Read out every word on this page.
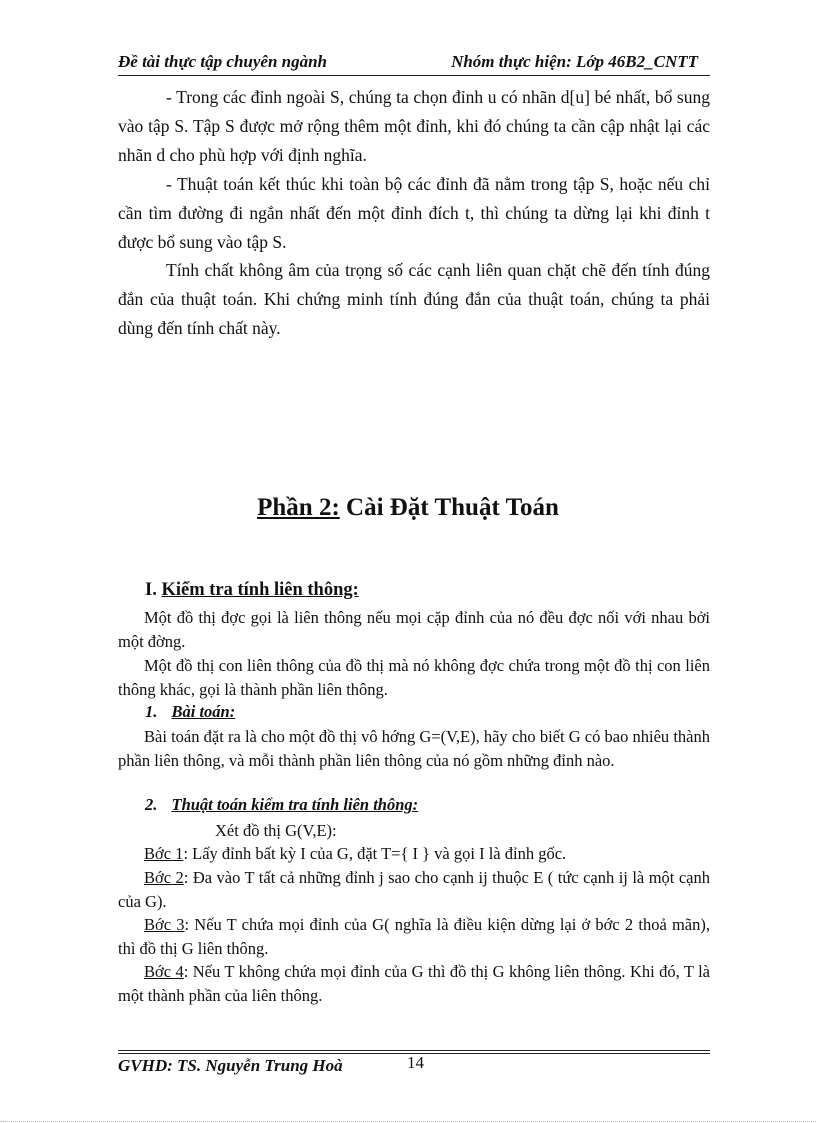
Đề tài thực tập chuyên ngành	Nhóm thực hiện: Lớp 46B2_CNTT

- Trong các đỉnh ngoài S, chúng ta chọn đỉnh u có nhãn d[u] bé nhất, bổ sung vào tập S. Tập S được mở rộng thêm một đỉnh, khi đó chúng ta cần cập nhật lại các nhãn d cho phù hợp với định nghĩa.

- Thuật toán kết thúc khi toàn bộ các đỉnh đã nằm trong tập S, hoặc nếu chỉ cần tìm đường đi ngắn nhất đến một đỉnh đích t, thì chúng ta dừng lại khi đỉnh t được bổ sung vào tập S.

Tính chất không âm của trọng số các cạnh liên quan chặt chẽ đến tính đúng đắn của thuật toán. Khi chứng minh tính đúng đắn của thuật toán, chúng ta phải dùng đến tính chất này.

Phần 2: Cài Đặt Thuật Toán
I. Kiểm tra tính liên thông:

Một đồ thị đợc gọi là liên thông nếu mọi cặp đỉnh của nó đều đợc nối với nhau bởi một đờng.

Một đồ thị con liên thông của đồ thị mà nó không đợc chứa trong một đồ thị con liên thông khác, gọi là thành phần liên thông.

1. Bài toán:

Bài toán đặt ra là cho một đồ thị vô hớng G=(V,E), hãy cho biết G có bao nhiêu thành phần liên thông, và mỗi thành phần liên thông của nó gồm những đỉnh nào.

2. Thuật toán kiểm tra tính liên thông:
Xét đồ thị G(V,E):

Bớc 1: Lấy đỉnh bất kỳ I của G, đặt T={ I } và gọi I là đỉnh gốc.

Bớc 2: Đa vào T tất cả những đỉnh j sao cho cạnh ij thuộc E ( tức cạnh ij là một cạnh của G).

Bớc 3: Nếu T chứa mọi đỉnh của G( nghĩa là điều kiện dừng lại ở bớc 2 thoả mãn), thì đồ thị G liên thông.

Bớc 4: Nếu T không chứa mọi đỉnh của G thì đồ thị G không liên thông. Khi đó, T là một thành phần của liên thông.

GVHD: TS. Nguyễn Trung Hoà	14
